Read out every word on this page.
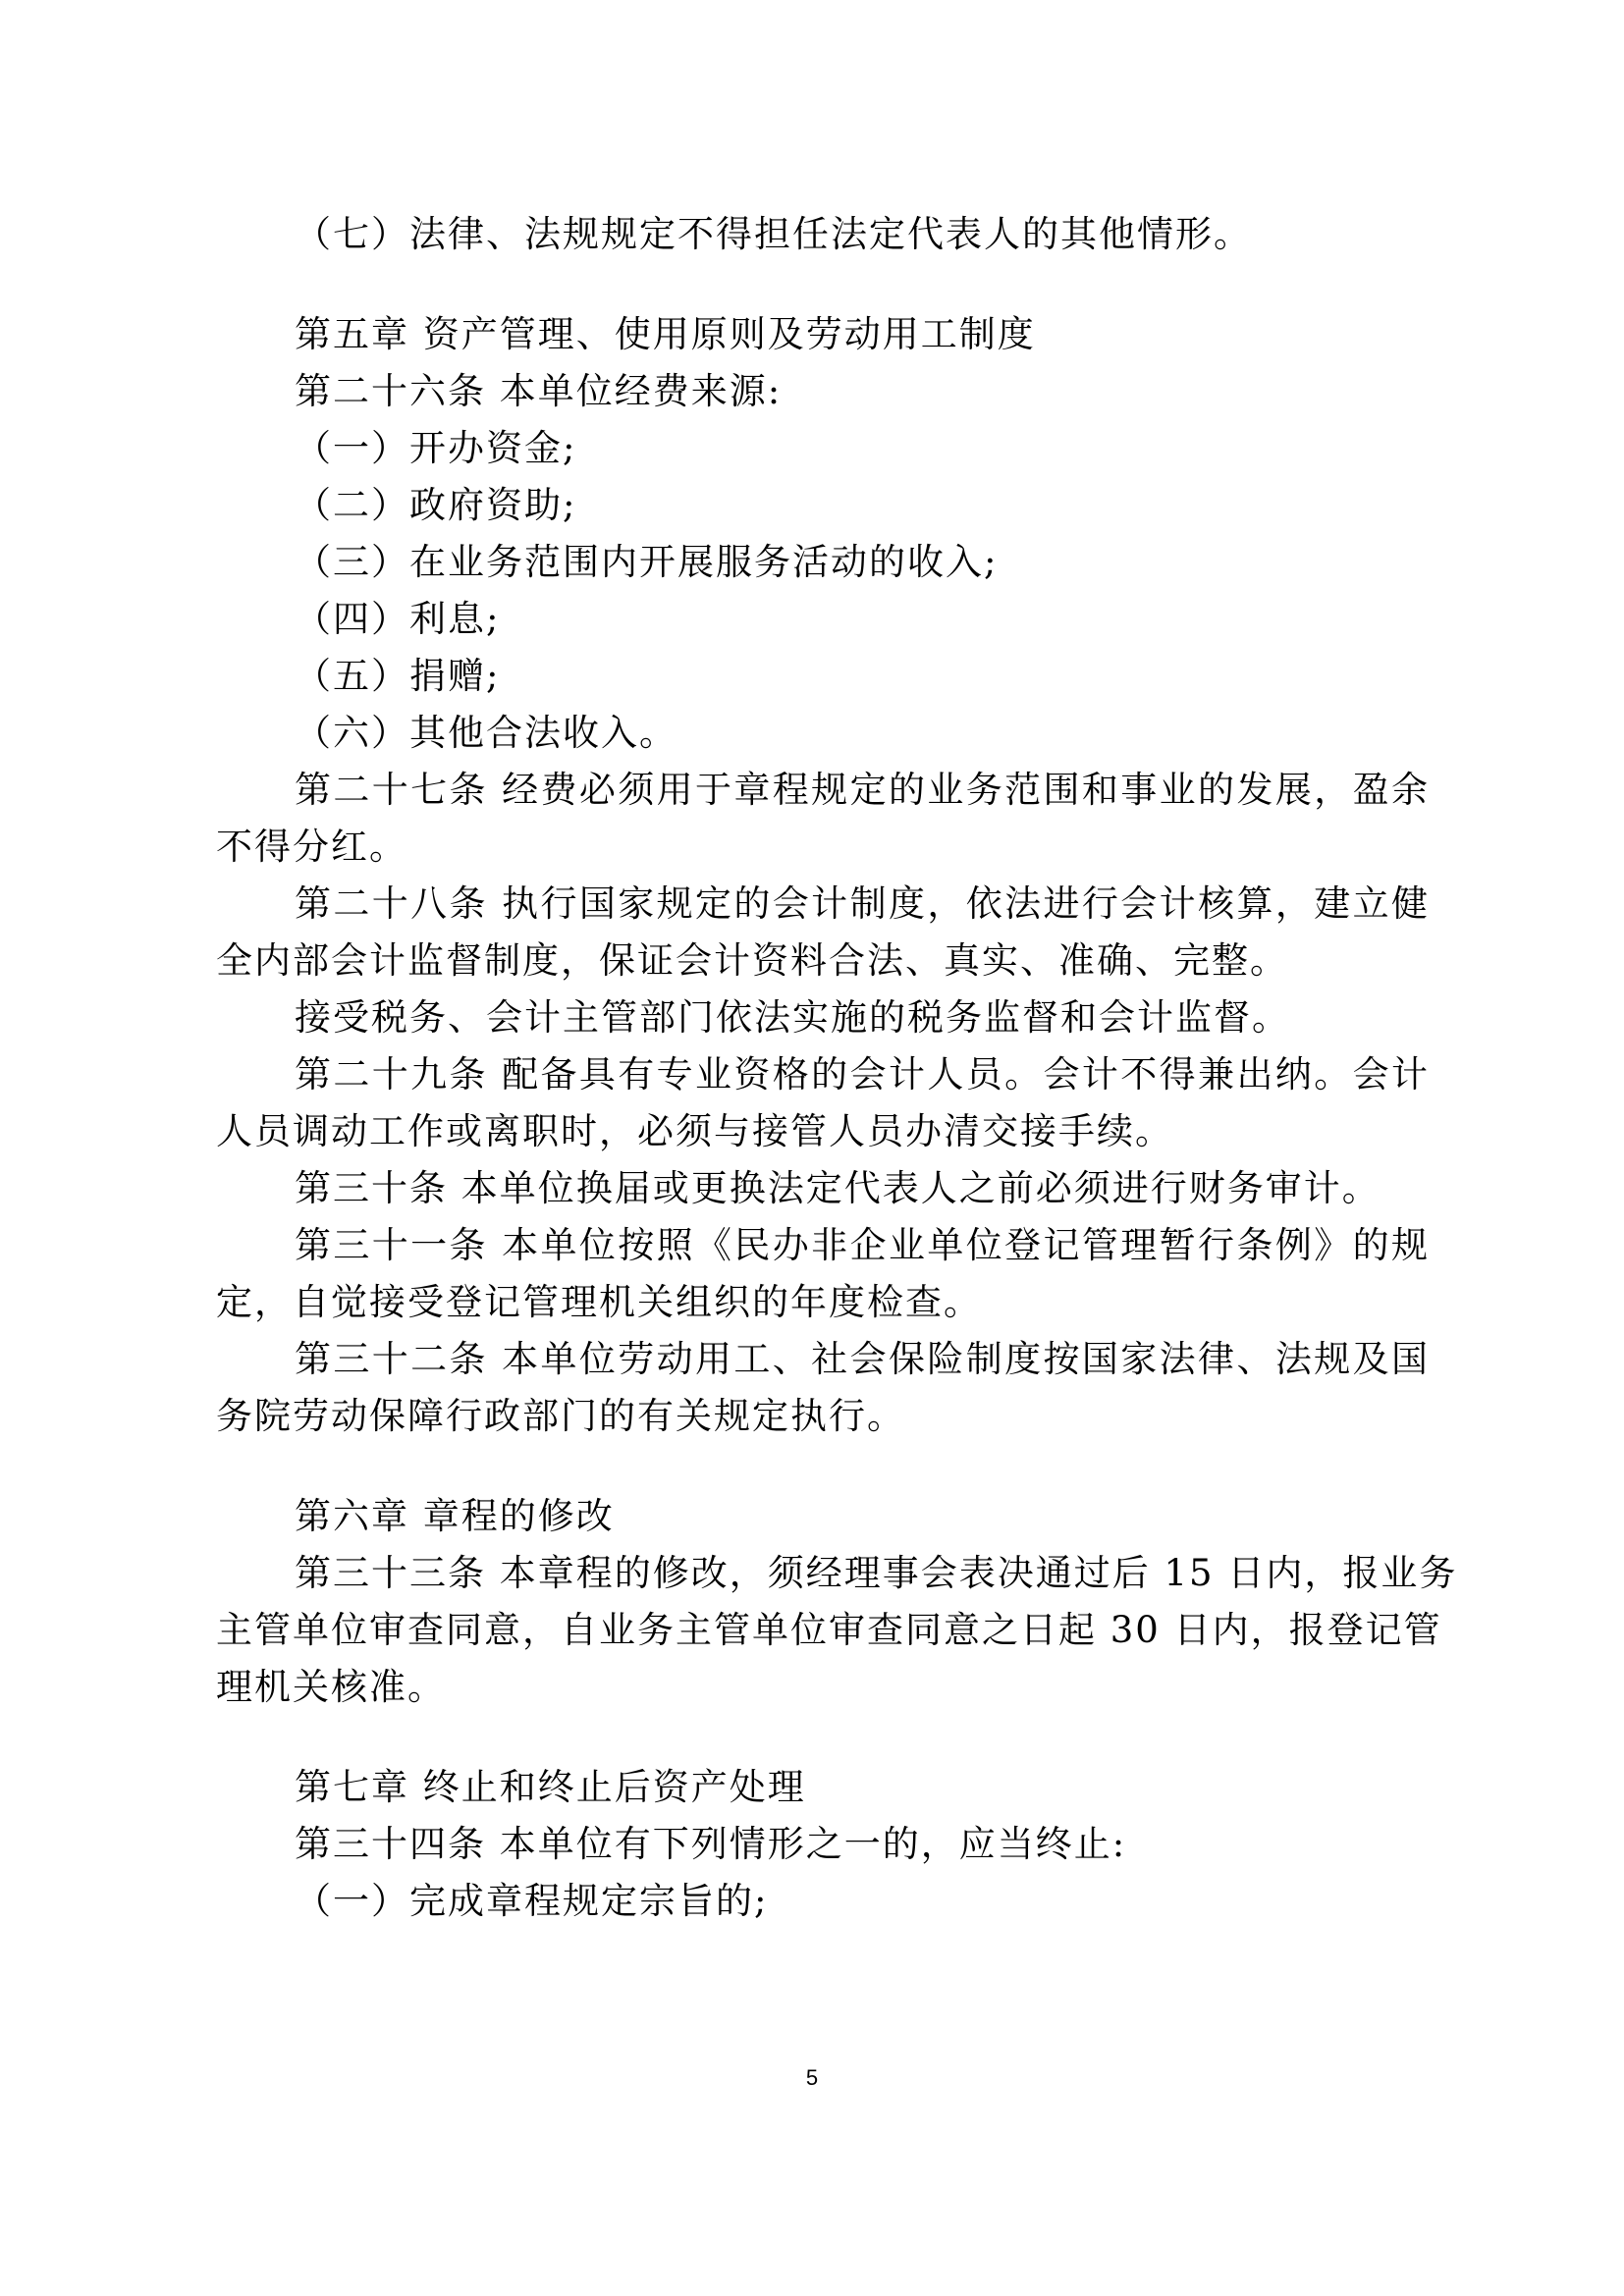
（七）法律、法规规定不得担任法定代表人的其他情形。
第五章 资产管理、使用原则及劳动用工制度
第二十六条 本单位经费来源:
（一）开办资金;
（二）政府资助;
（三）在业务范围内开展服务活动的收入;
（四）利息;
（五）捐赠;
（六）其他合法收入。
第二十七条 经费必须用于章程规定的业务范围和事业的发展，盈余
不得分红。
第二十八条 执行国家规定的会计制度，依法进行会计核算，建立健
全内部会计监督制度，保证会计资料合法、真实、准确、完整。
接受税务、会计主管部门依法实施的税务监督和会计监督。
第二十九条 配备具有专业资格的会计人员。会计不得兼出纳。会计
人员调动工作或离职时，必须与接管人员办清交接手续。
第三十条 本单位换届或更换法定代表人之前必须进行财务审计。
第三十一条 本单位按照《民办非企业单位登记管理暂行条例》的规
定，自觉接受登记管理机关组织的年度检查。
第三十二条 本单位劳动用工、社会保险制度按国家法律、法规及国
务院劳动保障行政部门的有关规定执行。
第六章 章程的修改
第三十三条 本章程的修改，须经理事会表决通过后 15 日内，报业务
主管单位审查同意，自业务主管单位审查同意之日起 30 日内，报登记管
理机关核准。
第七章 终止和终止后资产处理
第三十四条 本单位有下列情形之一的，应当终止:
（一）完成章程规定宗旨的;
5
